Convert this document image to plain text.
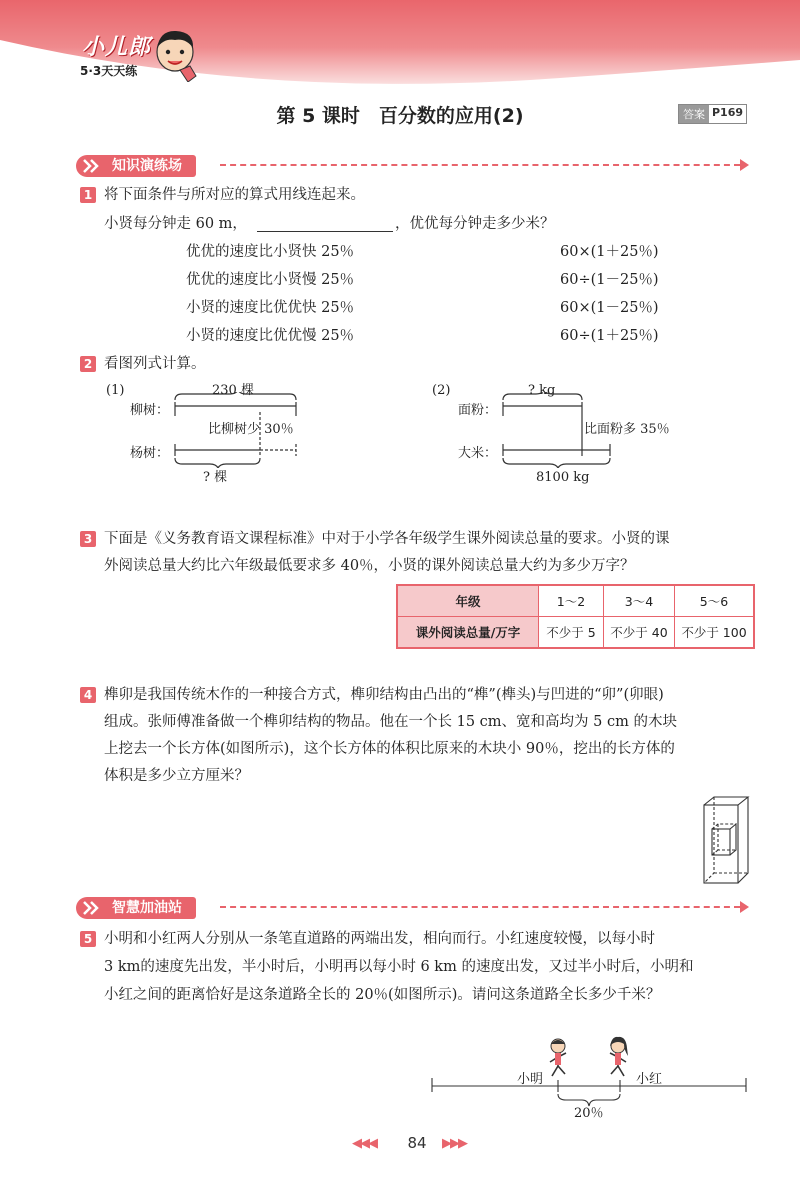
小儿郎
5·3天天练
第 5 课时　百分数的应用(2)	答案 P169
知识演练场
1 将下面条件与所对应的算式用线连起来。
小贤每分钟走 60 m，	，优优每分钟走多少米？
优优的速度比小贤快 25％
优优的速度比小贤慢 25％
小贤的速度比优优快 25％
小贤的速度比优优慢 25％
60×(1＋25％)
60÷(1－25％)
60×(1－25％)
60÷(1＋25％)
2 看图列式计算。
(1)	230 棵
柳树：
杨树：
比柳树少 30％
? 棵
(2)	? kg
面粉：
大米：
比面粉多 35％
8100 kg
3 下面是《义务教育语文课程标准》中对于小学各年级学生课外阅读总量的要求。小贤的课
外阅读总量大约比六年级最低要求多 40％，小贤的课外阅读总量大约为多少万字？
年级	1～2	3～4	5～6
课外阅读总量/万字	不少于 5	不少于 40	不少于 100
4 榫卯是我国传统木作的一种接合方式，榫卯结构由凸出的“榫”(榫头)与凹进的“卯”(卯眼)
组成。张师傅准备做一个榫卯结构的物品。他在一个长 15 cm、宽和高均为 5 cm 的木块
上挖去一个长方体(如图所示)，这个长方体的体积比原来的木块小 90％，挖出的长方体的
体积是多少立方厘米？
智慧加油站
5 小明和小红两人分别从一条笔直道路的两端出发，相向而行。小红速度较慢，以每小时
3 km的速度先出发，半小时后，小明再以每小时 6 km 的速度出发，又过半小时后，小明和
小红之间的距离恰好是这条道路全长的 20％(如图所示)。请问这条道路全长多少千米？
小明	小红
20％
◀◀◀	84	▶▶▶
